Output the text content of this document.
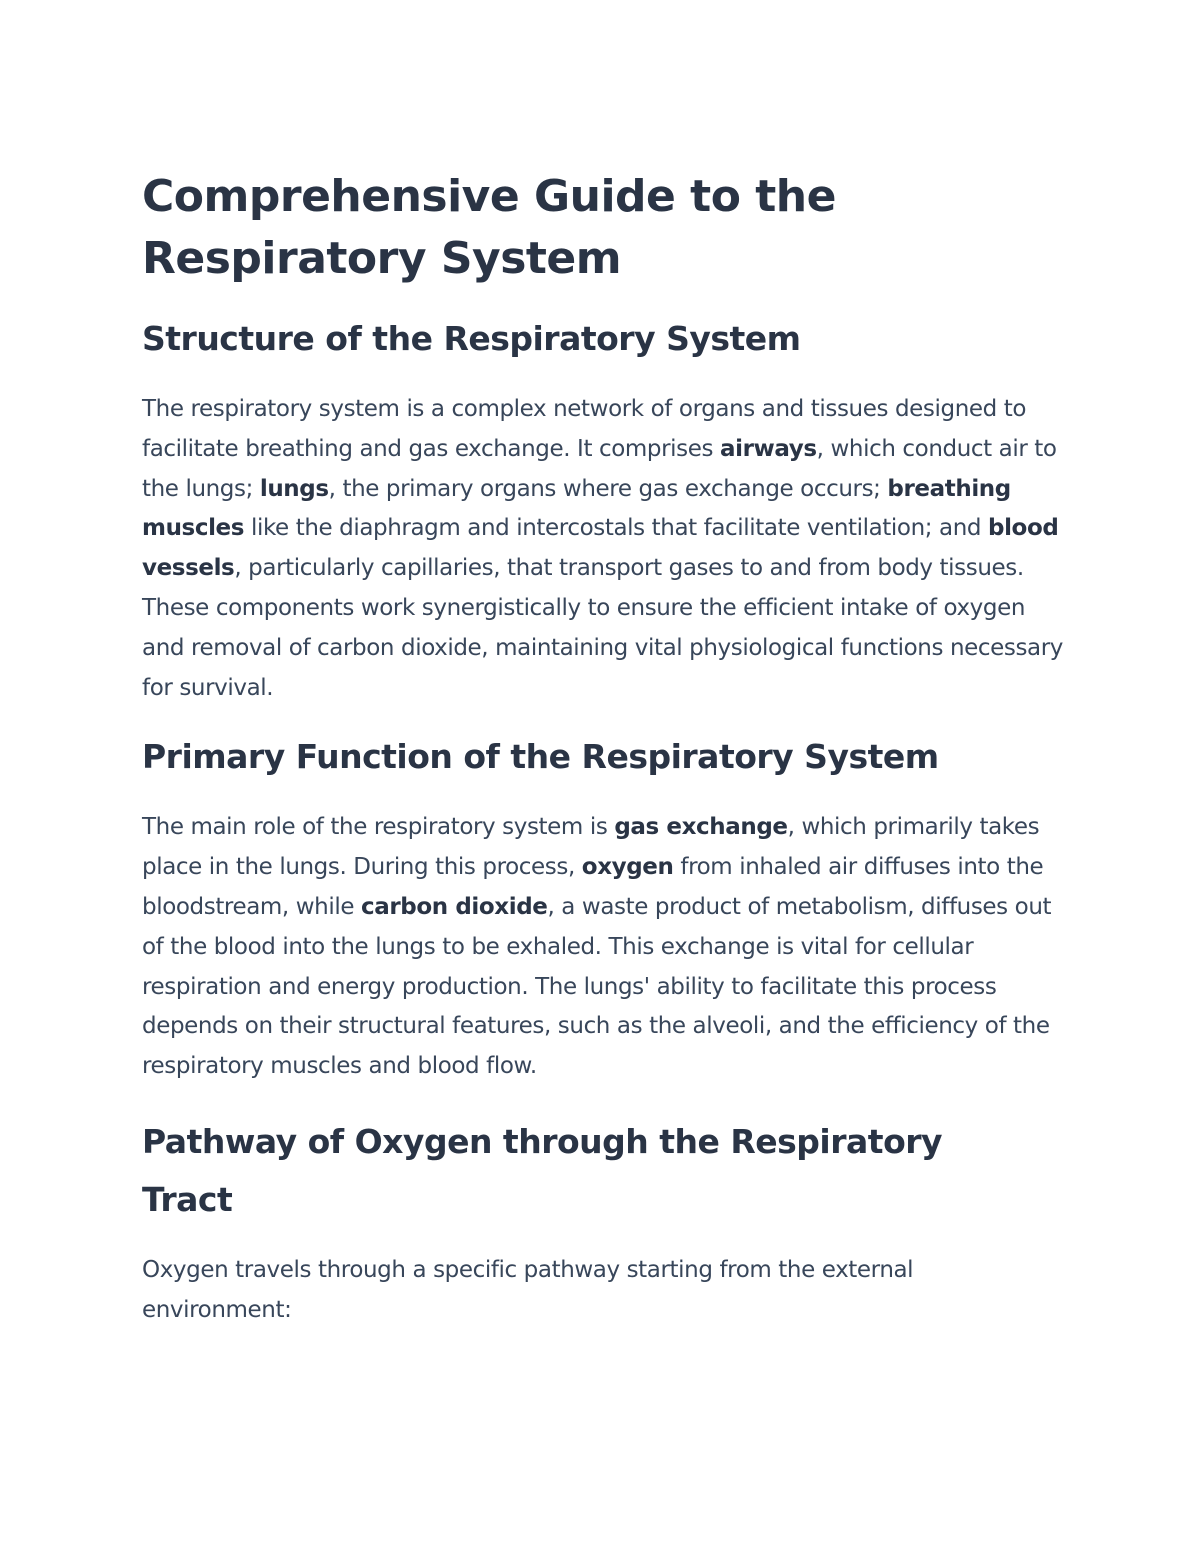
Comprehensive Guide to the Respiratory System
Structure of the Respiratory System

The respiratory system is a complex network of organs and tissues designed to facilitate breathing and gas exchange. It comprises airways, which conduct air to the lungs; lungs, the primary organs where gas exchange occurs; breathing muscles like the diaphragm and intercostals that facilitate ventilation; and blood vessels, particularly capillaries, that transport gases to and from body tissues. These components work synergistically to ensure the efficient intake of oxygen and removal of carbon dioxide, maintaining vital physiological functions necessary for survival.

Primary Function of the Respiratory System

The main role of the respiratory system is gas exchange, which primarily takes place in the lungs. During this process, oxygen from inhaled air diffuses into the bloodstream, while carbon dioxide, a waste product of metabolism, diffuses out of the blood into the lungs to be exhaled. This exchange is vital for cellular respiration and energy production. The lungs' ability to facilitate this process depends on their structural features, such as the alveoli, and the efficiency of the respiratory muscles and blood flow.

Pathway of Oxygen through the Respiratory Tract

Oxygen travels through a specific pathway starting from the external environment:
